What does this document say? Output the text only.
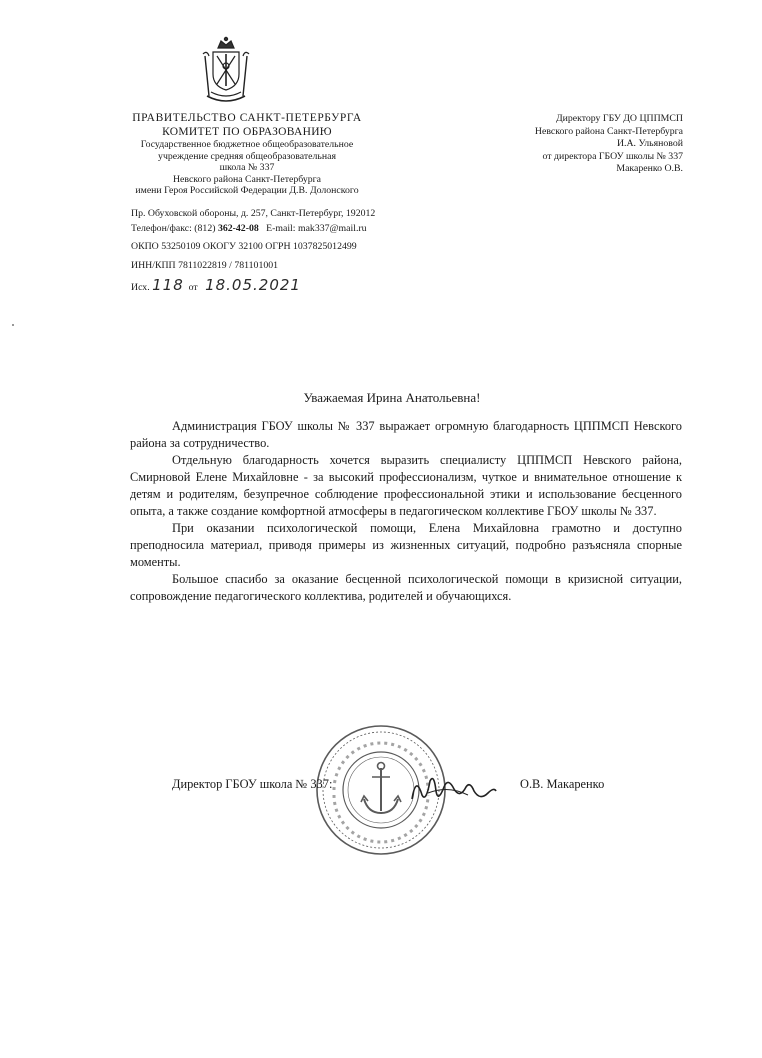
ПРАВИТЕЛЬСТВО САНКТ-ПЕТЕРБУРГА
КОМИТЕТ ПО ОБРАЗОВАНИЮ
Государственное бюджетное общеобразовательное
учреждение средняя общеобразовательная
школа № 337
Невского района Санкт-Петербурга
имени Героя Российской Федерации Д.В. Долонского
Пр. Обуховской обороны, д. 257, Санкт-Петербург, 192012
Телефон/факс: (812) 362-42-08 E-mail: mak337@mail.ru
ОКПО 53250109 ОКОГУ 32100 ОГРН 1037825012499
ИНН/КПП 7811022819 / 781101001
Исх. 118 от 18.05.2021
Директору ГБУ ДО ЦППМСП
Невского района Санкт-Петербурга
И.А. Ульяновой
от директора ГБОУ школы № 337
Макаренко О.В.
Уважаемая Ирина Анатольевна!

Администрация ГБОУ школы № 337 выражает огромную благодарность ЦППМСП Невского района за сотрудничество.

Отдельную благодарность хочется выразить специалисту ЦППМСП Невского района, Смирновой Елене Михайловне - за высокий профессионализм, чуткое и внимательное отношение к детям и родителям, безупречное соблюдение профессиональной этики и использование бесценного опыта, а также создание комфортной атмосферы в педагогическом коллективе ГБОУ школы № 337.

При оказании психологической помощи, Елена Михайловна грамотно и доступно преподносила материал, приводя примеры из жизненных ситуаций, подробно разъясняла спорные моменты.

Большое спасибо за оказание бесценной психологической помощи в кризисной ситуации, сопровождение педагогического коллектива, родителей и обучающихся.

Директор ГБОУ школа № 337:	О.В. Макаренко
